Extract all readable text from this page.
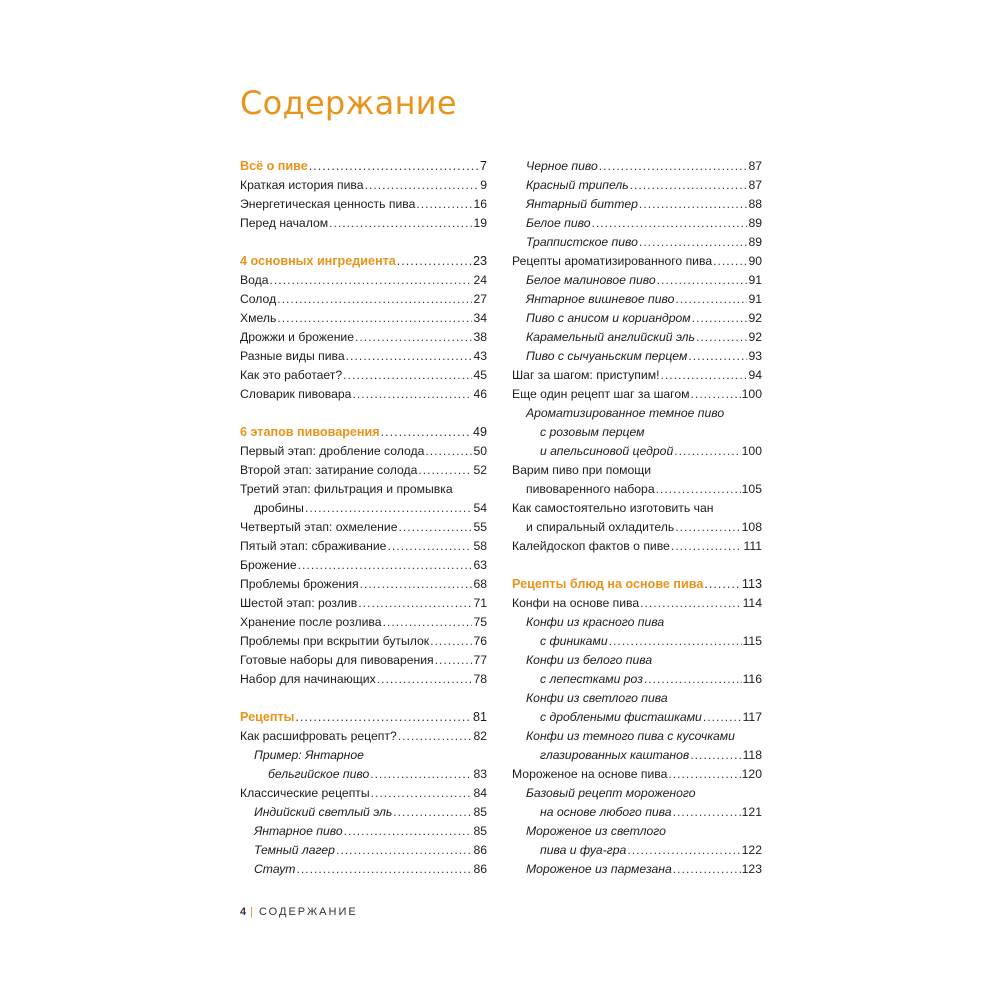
Содержание
Всё о пиве .....	7
Краткая история пива .....	9
Энергетическая ценность пива .....	16
Перед началом .....	19
4 основных ингредиента .....	23
Вода .....	24
Солод .....	27
Хмель .....	34
Дрожжи и брожение .....	38
Разные виды пива .....	43
Как это работает? .....	45
Словарик пивовара .....	46
6 этапов пивоварения .....	49
Первый этап: дробление солода .....	50
Второй этап: затирание солода .....	52
Третий этап: фильтрация и промывка
дробины .....	54
Четвертый этап: охмеление .....	55
Пятый этап: сбраживание .....	58
Брожение .....	63
Проблемы брожения .....	68
Шестой этап: розлив .....	71
Хранение после розлива .....	75
Проблемы при вскрытии бутылок .....	76
Готовые наборы для пивоварения .....	77
Набор для начинающих .....	78
Рецепты .....	81
Как расшифровать рецепт? .....	82
Пример: Янтарное
бельгийское пиво .....	83
Классические рецепты .....	84
Индийский светлый эль .....	85
Янтарное пиво .....	85
Темный лагер .....	86
Стаут .....	86
Черное пиво .....	87
Красный трипель .....	87
Янтарный биттер .....	88
Белое пиво .....	89
Траппистское пиво .....	89
Рецепты ароматизированного пива .....	90
Белое малиновое пиво .....	91
Янтарное вишневое пиво .....	91
Пиво с анисом и кориандром .....	92
Карамельный английский эль .....	92
Пиво с сычуаньским перцем .....	93
Шаг за шагом: приступим! .....	94
Еще один рецепт шаг за шагом .....	100
Ароматизированное темное пиво
с розовым перцем
и апельсиновой цедрой .....	100
Варим пиво при помощи
пивоваренного набора .....	105
Как самостоятельно изготовить чан
и спиральный охладитель .....	108
Калейдоскоп фактов о пиве .....	111
Рецепты блюд на основе пива .....	113
Конфи на основе пива .....	114
Конфи из красного пива
с финиками .....	115
Конфи из белого пива
с лепестками роз .....	116
Конфи из светлого пива
с дроблеными фисташками .....	117
Конфи из темного пива с кусочками
глазированных каштанов .....	118
Мороженое на основе пива .....	120
Базовый рецепт мороженого
на основе любого пива .....	121
Мороженое из светлого
пива и фуа-гра .....	122
Мороженое из пармезана .....	123
4 | СОДЕРЖАНИЕ
